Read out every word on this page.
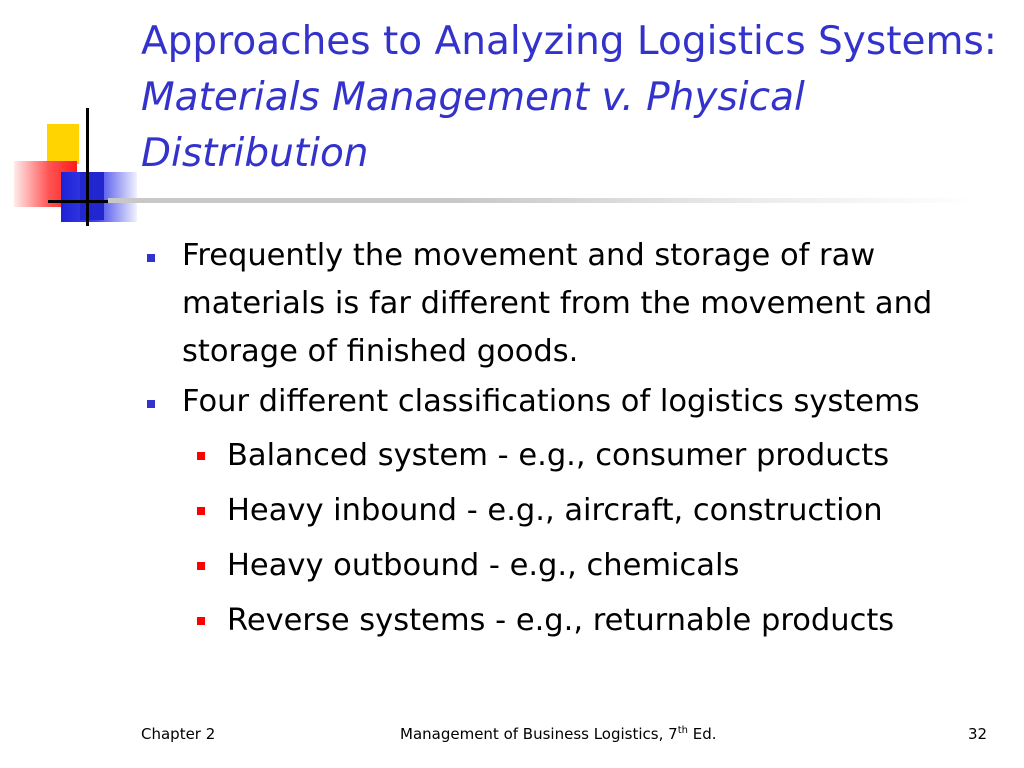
Approaches to Analyzing Logistics Systems: Materials Management v. Physical Distribution
Frequently the movement and storage of raw materials is far different from the movement and storage of finished goods.
Four different classifications of logistics systems
Balanced system - e.g., consumer products
Heavy inbound - e.g., aircraft, construction
Heavy outbound - e.g., chemicals
Reverse systems - e.g., returnable products
Chapter 2	Management of Business Logistics, 7th Ed.	32
